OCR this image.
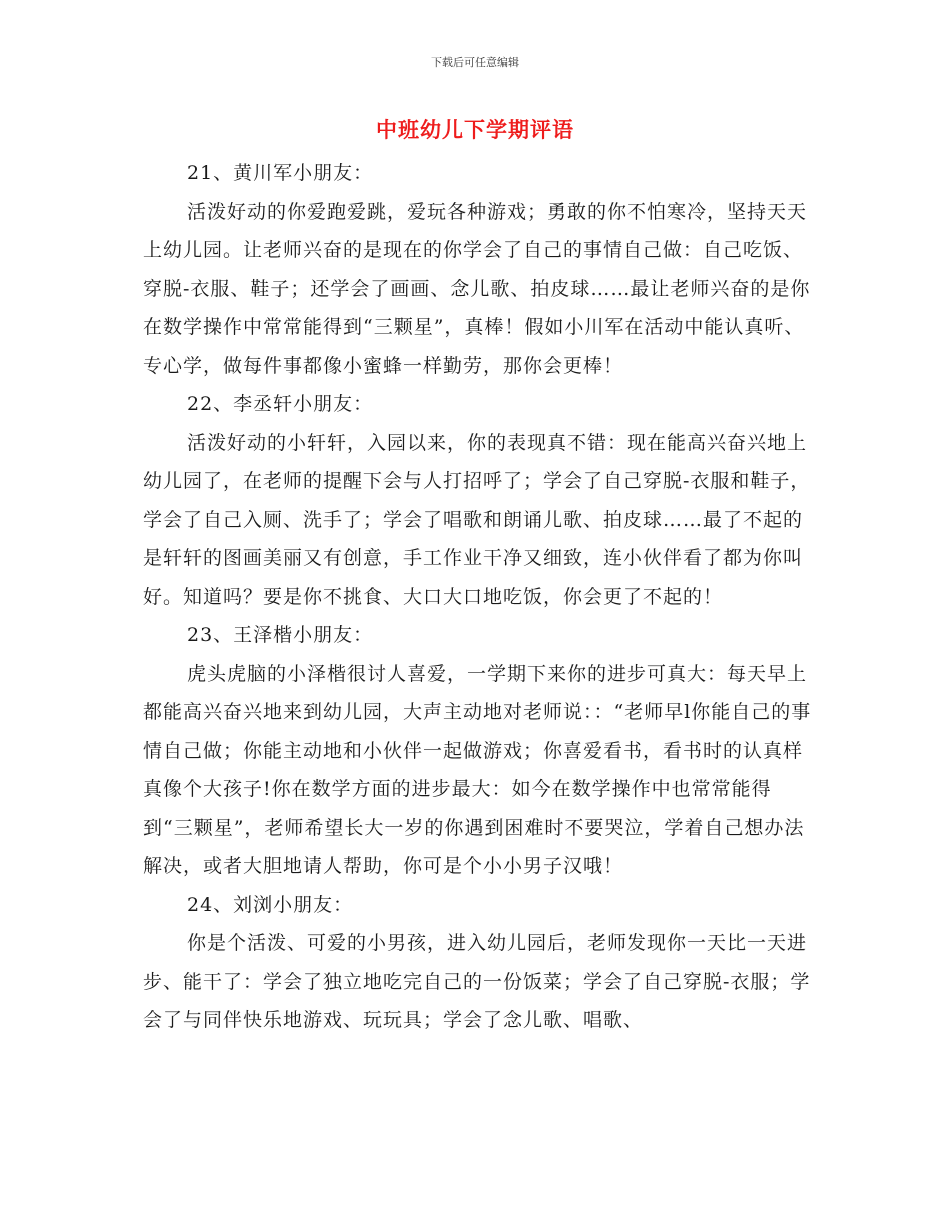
下载后可任意编辑
中班幼儿下学期评语

21、黄川军小朋友：

活泼好动的你爱跑爱跳，爱玩各种游戏；勇敢的你不怕寒冷，坚持天天上幼儿园。让老师兴奋的是现在的你学会了自己的事情自己做：自己吃饭、穿脱-衣服、鞋子；还学会了画画、念儿歌、拍皮球……最让老师兴奋的是你在数学操作中常常能得到“三颗星”，真棒！假如小川军在活动中能认真听、专心学，做每件事都像小蜜蜂一样勤劳，那你会更棒！

22、李丞轩小朋友：

活泼好动的小轩轩，入园以来，你的表现真不错：现在能高兴奋兴地上幼儿园了，在老师的提醒下会与人打招呼了；学会了自己穿脱-衣服和鞋子，学会了自己入厕、洗手了；学会了唱歌和朗诵儿歌、拍皮球……最了不起的是轩轩的图画美丽又有创意，手工作业干净又细致，连小伙伴看了都为你叫好。知道吗？要是你不挑食、大口大口地吃饭，你会更了不起的！

23、王泽楷小朋友：

虎头虎脑的小泽楷很讨人喜爱，一学期下来你的进步可真大：每天早上都能高兴奋兴地来到幼儿园，大声主动地对老师说：：“老师早l你能自己的事情自己做；你能主动地和小伙伴一起做游戏；你喜爱看书，看书时的认真样真像个大孩子!你在数学方面的进步最大：如今在数学操作中也常常能得到“三颗星”，老师希望长大一岁的你遇到困难时不要哭泣，学着自己想办法解决，或者大胆地请人帮助，你可是个小小男子汉哦！

24、刘浏小朋友：

你是个活泼、可爱的小男孩，进入幼儿园后，老师发现你一天比一天进步、能干了：学会了独立地吃完自己的一份饭菜；学会了自己穿脱-衣服；学会了与同伴快乐地游戏、玩玩具；学会了念儿歌、唱歌、
